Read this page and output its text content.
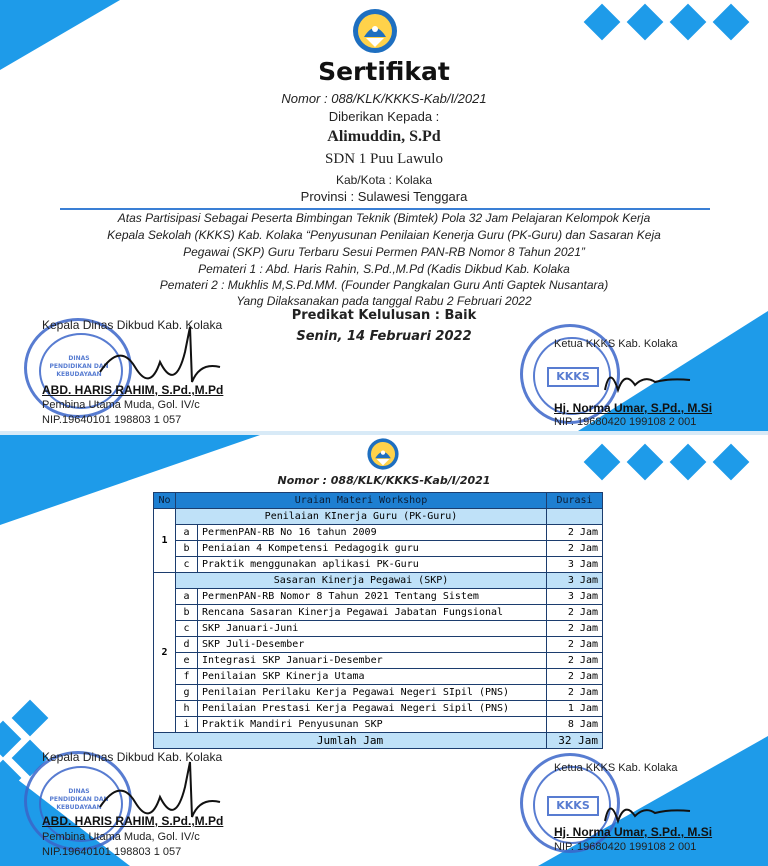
Sertifikat
Nomor : 088/KLK/KKKS-Kab/I/2021
Diberikan Kepada :
Alimuddin, S.Pd
SDN 1 Puu Lawulo
Kab/Kota : Kolaka
Provinsi : Sulawesi Tenggara
Atas Partisipasi Sebagai Peserta Bimbingan Teknik (Bimtek) Pola 32 Jam Pelajaran Kelompok Kerja
Kepala Sekolah (KKKS) Kab. Kolaka “Penyusunan Penilaian Kenerja Guru (PK-Guru) dan Sasaran Keja
Pegawai (SKP) Guru Terbaru Sesui Permen PAN-RB Nomor 8 Tahun 2021”
Pemateri 1 : Abd. Haris Rahin, S.Pd.,M.Pd (Kadis Dikbud Kab. Kolaka
Pemateri 2 : Mukhlis M,S.Pd.MM. (Founder Pangkalan Guru Anti Gaptek Nusantara)
Yang Dilaksanakan pada tanggal Rabu 2 Februari 2022
Predikat Kelulusan : Baik
Senin, 14 Februari 2022
DINAS PENDIDIKAN DAN KEBUDAYAAN
Kepala Dinas Dikbud Kab. Kolaka
ABD. HARIS RAHIM, S.Pd.,M.Pd
Pembina Utama Muda, Gol. IV/c
NIP.19640101 198803 1 057
KKKS
Ketua KKKS Kab. Kolaka
Hj. Norma Umar, S.Pd., M.Si
NIP. 19680420 199108 2 001
Nomor : 088/KLK/KKKS-Kab/I/2021
DINAS PENDIDIKAN DAN KEBUDAYAAN
Kepala Dinas Dikbud Kab. Kolaka
ABD. HARIS RAHIM, S.Pd.,M.Pd
Pembina Utama Muda, Gol. IV/c
NIP.19640101 198803 1 057
KKKS
Ketua KKKS Kab. Kolaka
Hj. Norma Umar, S.Pd., M.Si
NIP. 19680420 199108 2 001
No	Uraian Materi Workshop		Durasi
1	Penilaian KInerja Guru (PK-Guru)		
	a	PermenPAN-RB No 16 tahun 2009	2 Jam
	b	Peniaian 4 Kompetensi Pedagogik guru	2 Jam
	c	Praktik menggunakan aplikasi PK-Guru	3 Jam
2	Sasaran Kinerja Pegawai (SKP)		3 Jam
	a	PermenPAN-RB Nomor 8 Tahun 2021 Tentang Sistem	3 Jam
	b	Rencana Sasaran Kinerja Pegawai Jabatan Fungsional	2 Jam
	c	SKP Januari-Juni	2 Jam
	d	SKP Juli-Desember	2 Jam
	e	Integrasi SKP Januari-Desember	2 Jam
	f	Penilaian SKP Kinerja Utama	2 Jam
	g	Penilaian Perilaku Kerja Pegawai Negeri SIpil (PNS)	2 Jam
	h	Penilaian Prestasi Kerja Pegawai Negeri Sipil (PNS)	1 Jam
	i	Praktik Mandiri Penyusunan SKP	8 Jam
Jumlah Jam			32 Jam
